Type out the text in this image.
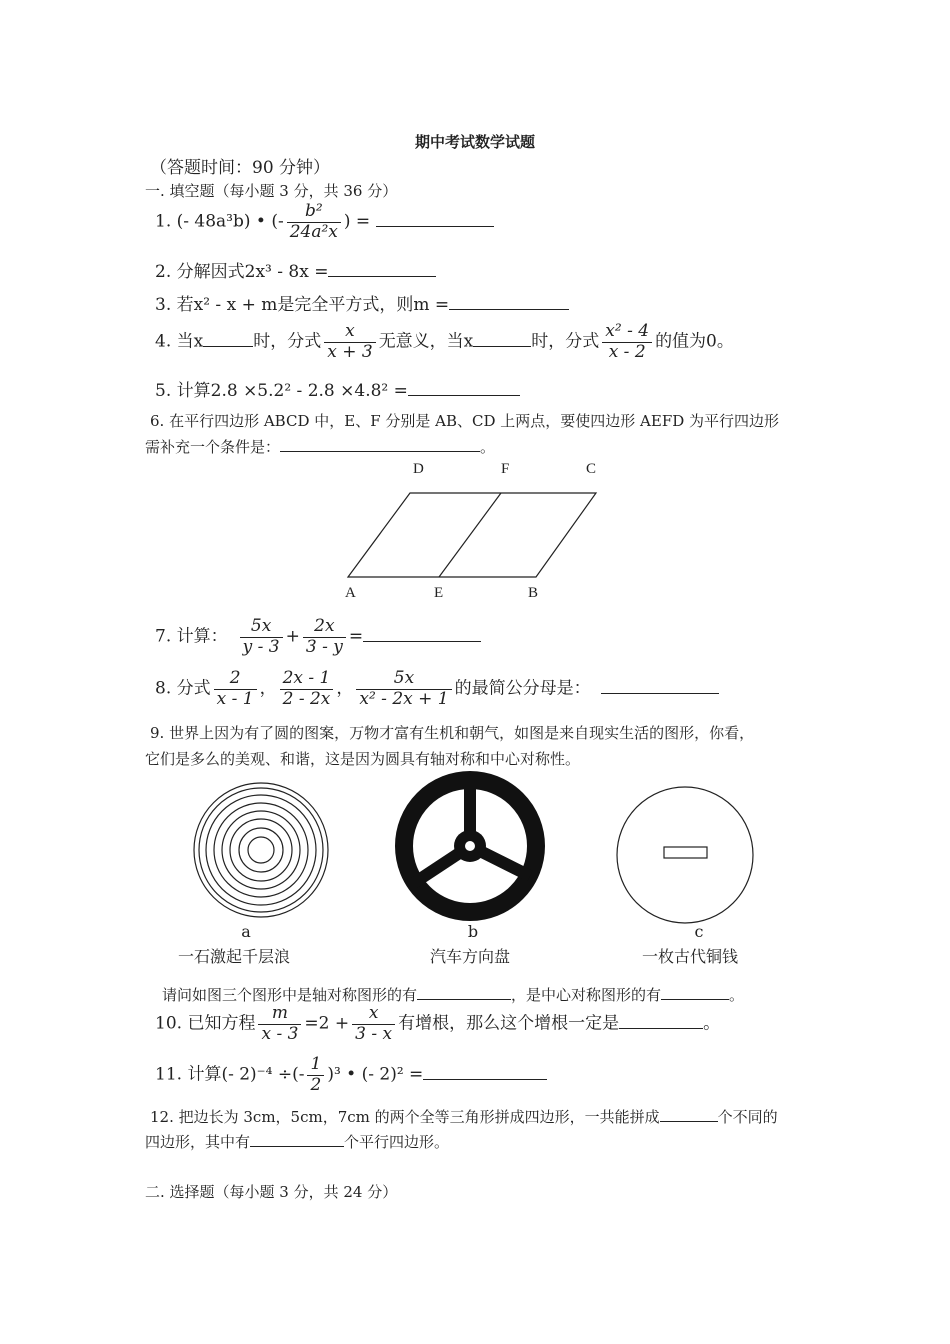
期中考试数学试题
（答题时间：90 分钟）
一. 填空题（每小题 3 分，共 36 分）
1. (- 48a³b) • (- $\frac{\text{b²}}{\text{24a²x}}$ ) =
2. 分解因式2x³ - 8x =
3. 若x² - x + m是完全平方式，则m =
4. 当x	时，分式 $\frac{x}{x + 3}$ 无意义，当x	时，分式 $\frac{\text{x² - 4}}{x - 2}$ 的值为0。
5. 计算2.8 ×5.2² - 2.8 ×4.8² =
6. 在平行四边形 ABCD 中，E、F 分别是 AB、CD 上两点，要使四边形 AEFD 为平行四边形
需补充一个条件是：	。
D	F	C
A	E	B
7. 计算： $\frac{5x}{y - 3} + \frac{2x}{3 - y}$ =
8. 分式 $\frac{2}{x - 1}$ ， $\frac{2x - 1}{2 - 2x}$ ， $\frac{5x}{\text{x² - 2x + 1}}$ 的最简公分母是：
9. 世界上因为有了圆的图案，万物才富有生机和朝气，如图是来自现实生活的图形，你看，
它们是多么的美观、和谐，这是因为圆具有轴对称和中心对称性。
a	b	c
一石激起千层浪	汽车方向盘	一枚古代铜钱
请问如图三个图形中是轴对称图形的有	，是中心对称图形的有	。
10. 已知方程 $\frac{m}{x - 3} =2 + \frac{x}{3 - x}$ 有增根，那么这个增根一定是	。
11. 计算(- 2)⁻⁴ ÷(- $\frac{1}{2} )^3$ • (- 2)² =
12. 把边长为 3cm，5cm，7cm 的两个全等三角形拼成四边形，一共能拼成	个不同的
四边形，其中有	个平行四边形。
二. 选择题（每小题 3 分，共 24 分）
